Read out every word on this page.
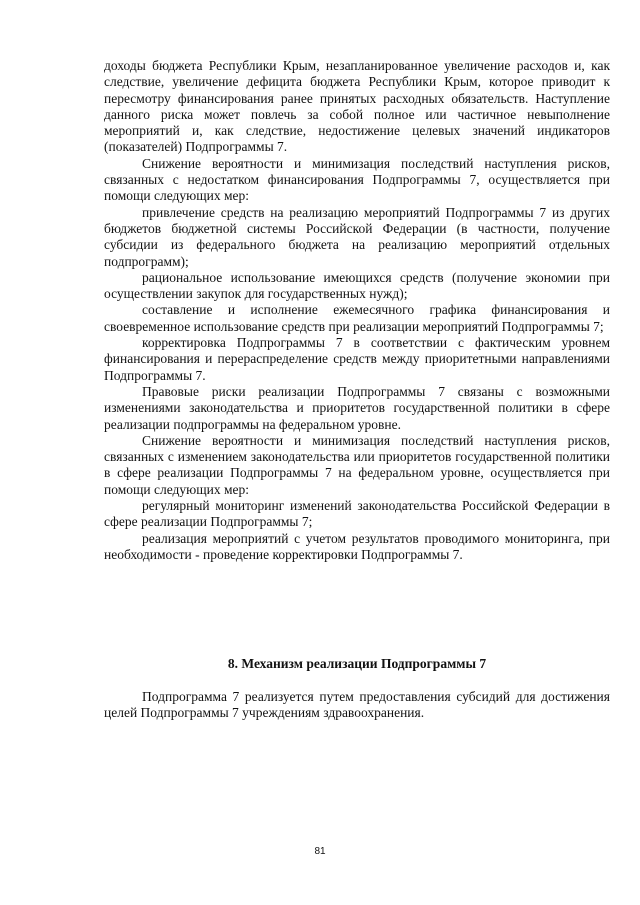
доходы бюджета Республики Крым, незапланированное увеличение расходов и, как следствие, увеличение дефицита бюджета Республики Крым, которое приводит к пересмотру финансирования ранее принятых расходных обязательств. Наступление данного риска может повлечь за собой полное или частичное невыполнение мероприятий и, как следствие, недостижение целевых значений индикаторов (показателей) Подпрограммы 7.

Снижение вероятности и минимизация последствий наступления рисков, связанных с недостатком финансирования Подпрограммы 7, осуществляется при помощи следующих мер:

привлечение средств на реализацию мероприятий Подпрограммы 7 из других бюджетов бюджетной системы Российской Федерации (в частности, получение субсидии из федерального бюджета на реализацию мероприятий отдельных подпрограмм);

рациональное использование имеющихся средств (получение экономии при осуществлении закупок для государственных нужд);

составление и исполнение ежемесячного графика финансирования и своевременное использование средств при реализации мероприятий Подпрограммы 7;

корректировка Подпрограммы 7 в соответствии с фактическим уровнем финансирования и перераспределение средств между приоритетными направлениями Подпрограммы 7.

Правовые риски реализации Подпрограммы 7 связаны с возможными изменениями законодательства и приоритетов государственной политики в сфере реализации подпрограммы на федеральном уровне.

Снижение вероятности и минимизация последствий наступления рисков, связанных с изменением законодательства или приоритетов государственной политики в сфере реализации Подпрограммы 7 на федеральном уровне, осуществляется при помощи следующих мер:

регулярный мониторинг изменений законодательства Российской Федерации в сфере реализации Подпрограммы 7;

реализация мероприятий с учетом результатов проводимого мониторинга, при необходимости - проведение корректировки Подпрограммы 7.

8. Механизм реализации Подпрограммы 7

Подпрограмма 7 реализуется путем предоставления субсидий для достижения целей Подпрограммы 7 учреждениям здравоохранения.

81
